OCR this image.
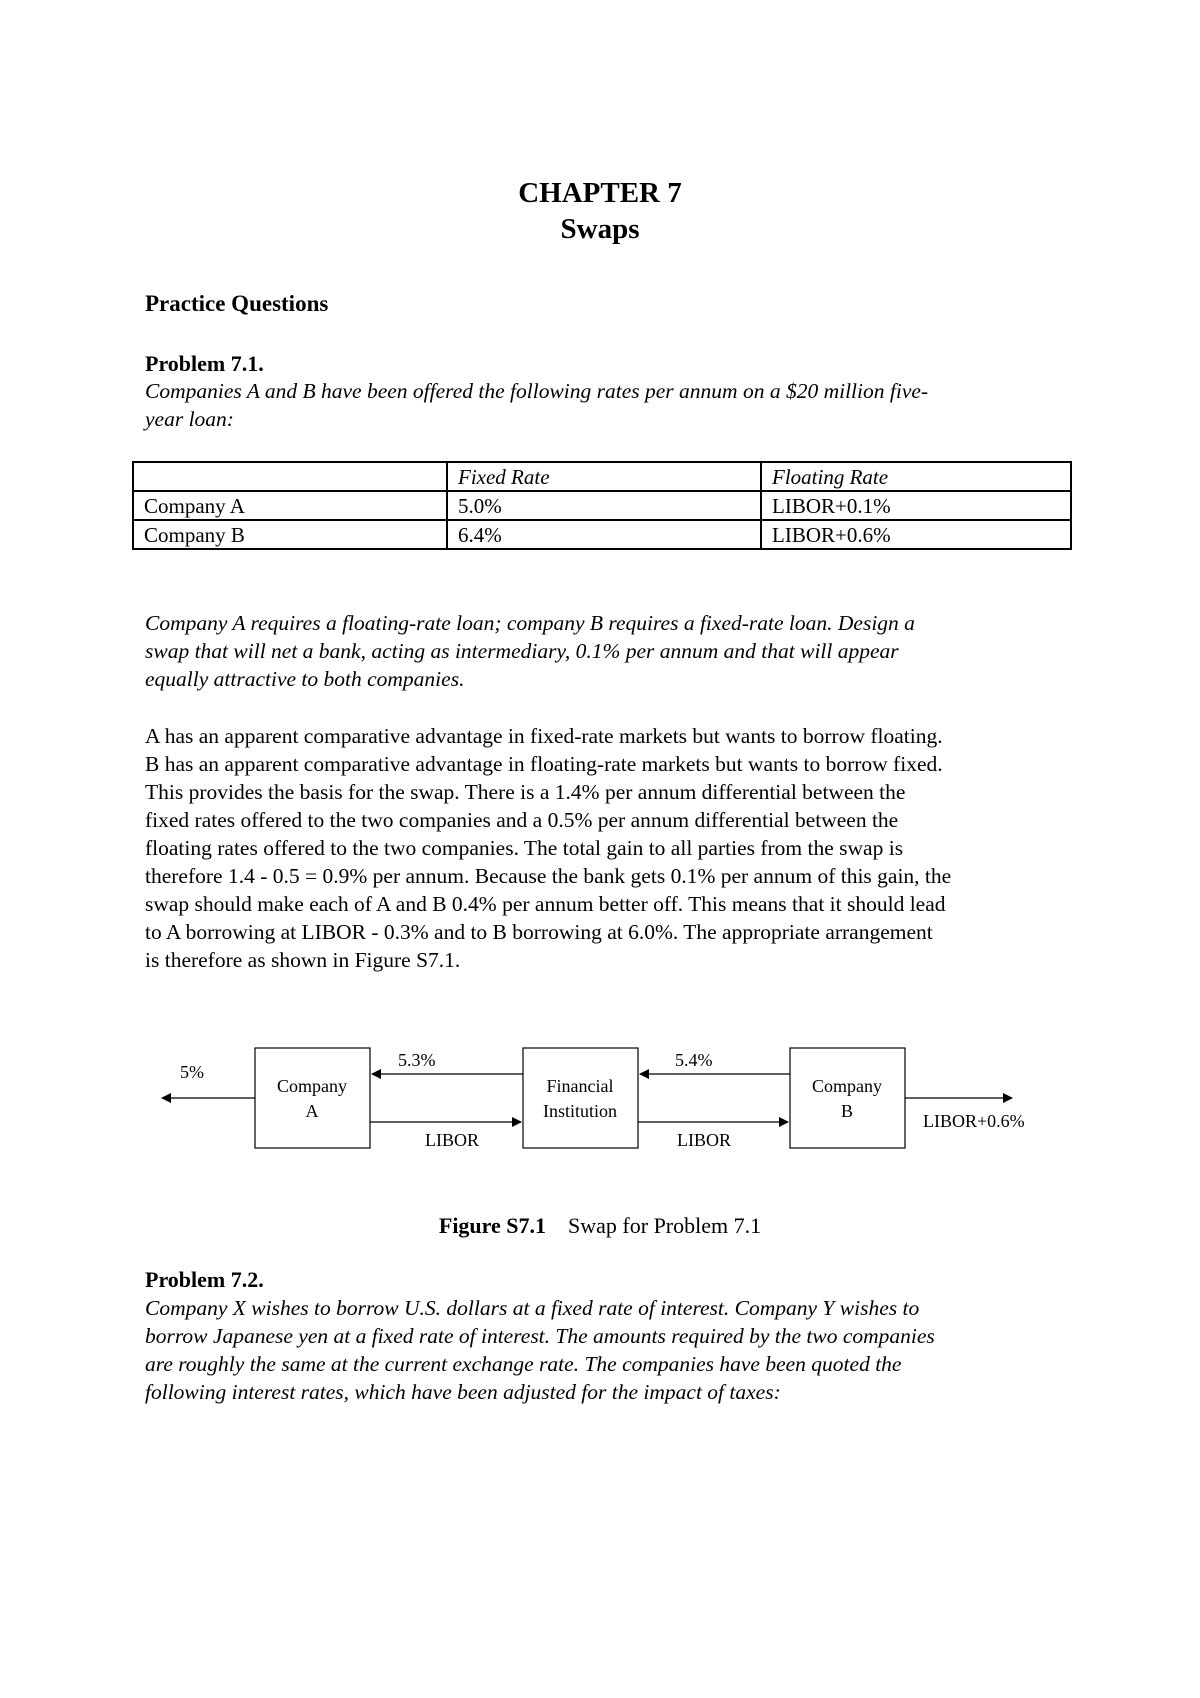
CHAPTER 7
Swaps
Practice Questions
Problem 7.1.
Companies A and B have been offered the following rates per annum on a $20 million five-
year loan:
	Fixed Rate	Floating Rate
Company A	5.0%	LIBOR+0.1%
Company B	6.4%	LIBOR+0.6%
Company A requires a floating-rate loan; company B requires a fixed-rate loan. Design a
swap that will net a bank, acting as intermediary, 0.1% per annum and that will appear
equally attractive to both companies.
A has an apparent comparative advantage in fixed-rate markets but wants to borrow floating.
B has an apparent comparative advantage in floating-rate markets but wants to borrow fixed.
This provides the basis for the swap. There is a 1.4% per annum differential between the
fixed rates offered to the two companies and a 0.5% per annum differential between the
floating rates offered to the two companies. The total gain to all parties from the swap is
therefore 1.4 - 0.5 = 0.9% per annum. Because the bank gets 0.1% per annum of this gain, the
swap should make each of A and B 0.4% per annum better off. This means that it should lead
to A borrowing at LIBOR - 0.3% and to B borrowing at 6.0%. The appropriate arrangement
is therefore as shown in Figure S7.1.
Company
A
Financial
Institution
Company
B
5%
5.3%
LIBOR
5.4%
LIBOR
LIBOR+0.6%
Figure S7.1 Swap for Problem 7.1
Problem 7.2.
Company X wishes to borrow U.S. dollars at a fixed rate of interest. Company Y wishes to
borrow Japanese yen at a fixed rate of interest. The amounts required by the two companies
are roughly the same at the current exchange rate. The companies have been quoted the
following interest rates, which have been adjusted for the impact of taxes:
